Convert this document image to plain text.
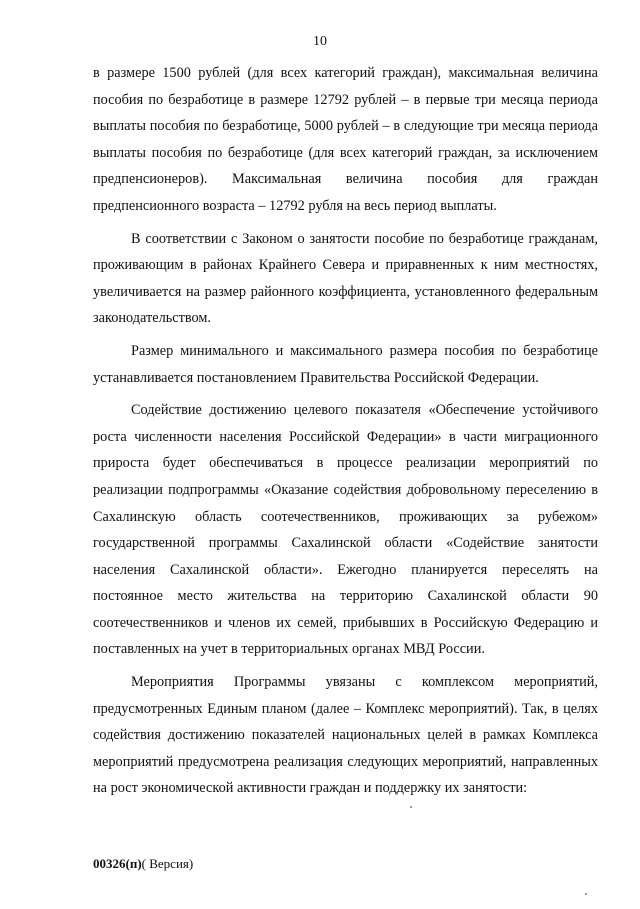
10

в размере 1500 рублей (для всех категорий граждан), максимальная величина пособия по безработице в размере 12792 рублей – в первые три месяца периода выплаты пособия по безработице, 5000 рублей – в следующие три месяца периода выплаты пособия по безработице (для всех категорий граждан, за исключением предпенсионеров). Максимальная величина пособия для граждан предпенсионного возраста – 12792 рубля на весь период выплаты.

В соответствии с Законом о занятости пособие по безработице гражданам, проживающим в районах Крайнего Севера и приравненных к ним местностях, увеличивается на размер районного коэффициента, установленного федеральным законодательством.

Размер минимального и максимального размера пособия по безработице устанавливается постановлением Правительства Российской Федерации.

Содействие достижению целевого показателя «Обеспечение устойчивого роста численности населения Российской Федерации» в части миграционного прироста будет обеспечиваться в процессе реализации мероприятий по реализации подпрограммы «Оказание содействия добровольному переселению в Сахалинскую область соотечественников, проживающих за рубежом» государственной программы Сахалинской области «Содействие занятости населения Сахалинской области». Ежегодно планируется переселять на постоянное место жительства на территорию Сахалинской области 90 соотечественников и членов их семей, прибывших в Российскую Федерацию и поставленных на учет в территориальных органах МВД России.

Мероприятия Программы увязаны с комплексом мероприятий, предусмотренных Единым планом (далее – Комплекс мероприятий). Так, в целях содействия достижению показателей национальных целей в рамках Комплекса мероприятий предусмотрена реализация следующих мероприятий, направленных на рост экономической активности граждан и поддержку их занятости:

00326(п)( Версия)
